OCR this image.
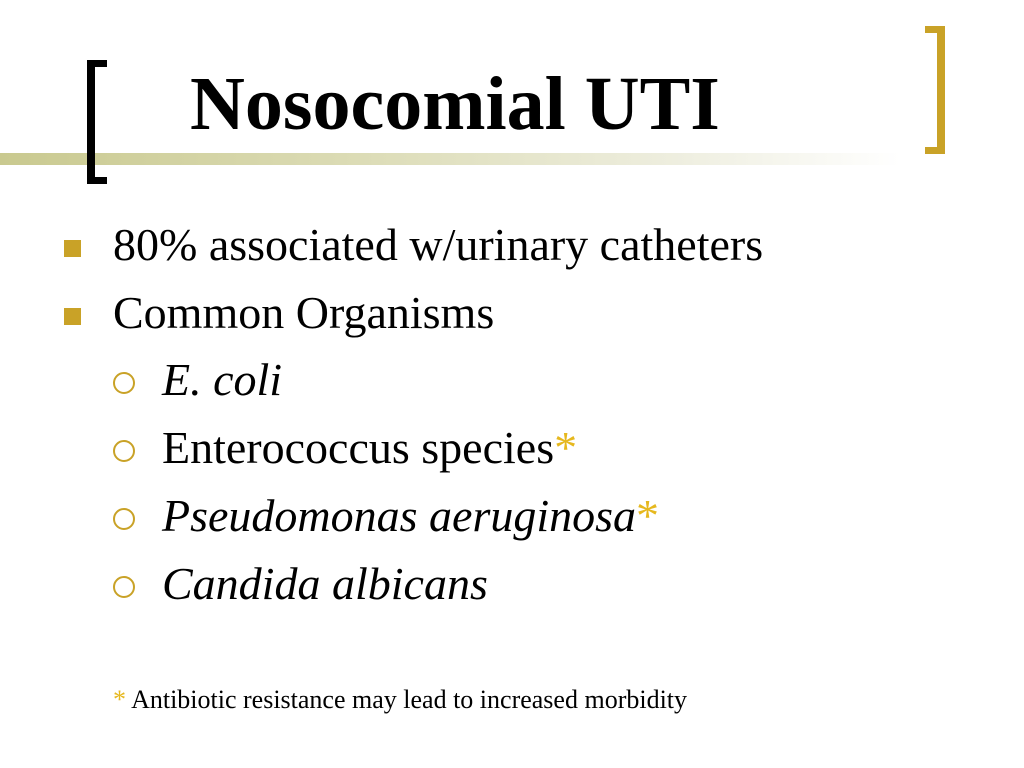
Nosocomial UTI
80% associated w/urinary catheters
Common Organisms
E. coli
Enterococcus species*
Pseudomonas aeruginosa*
Candida albicans
* Antibiotic resistance may lead to increased morbidity
